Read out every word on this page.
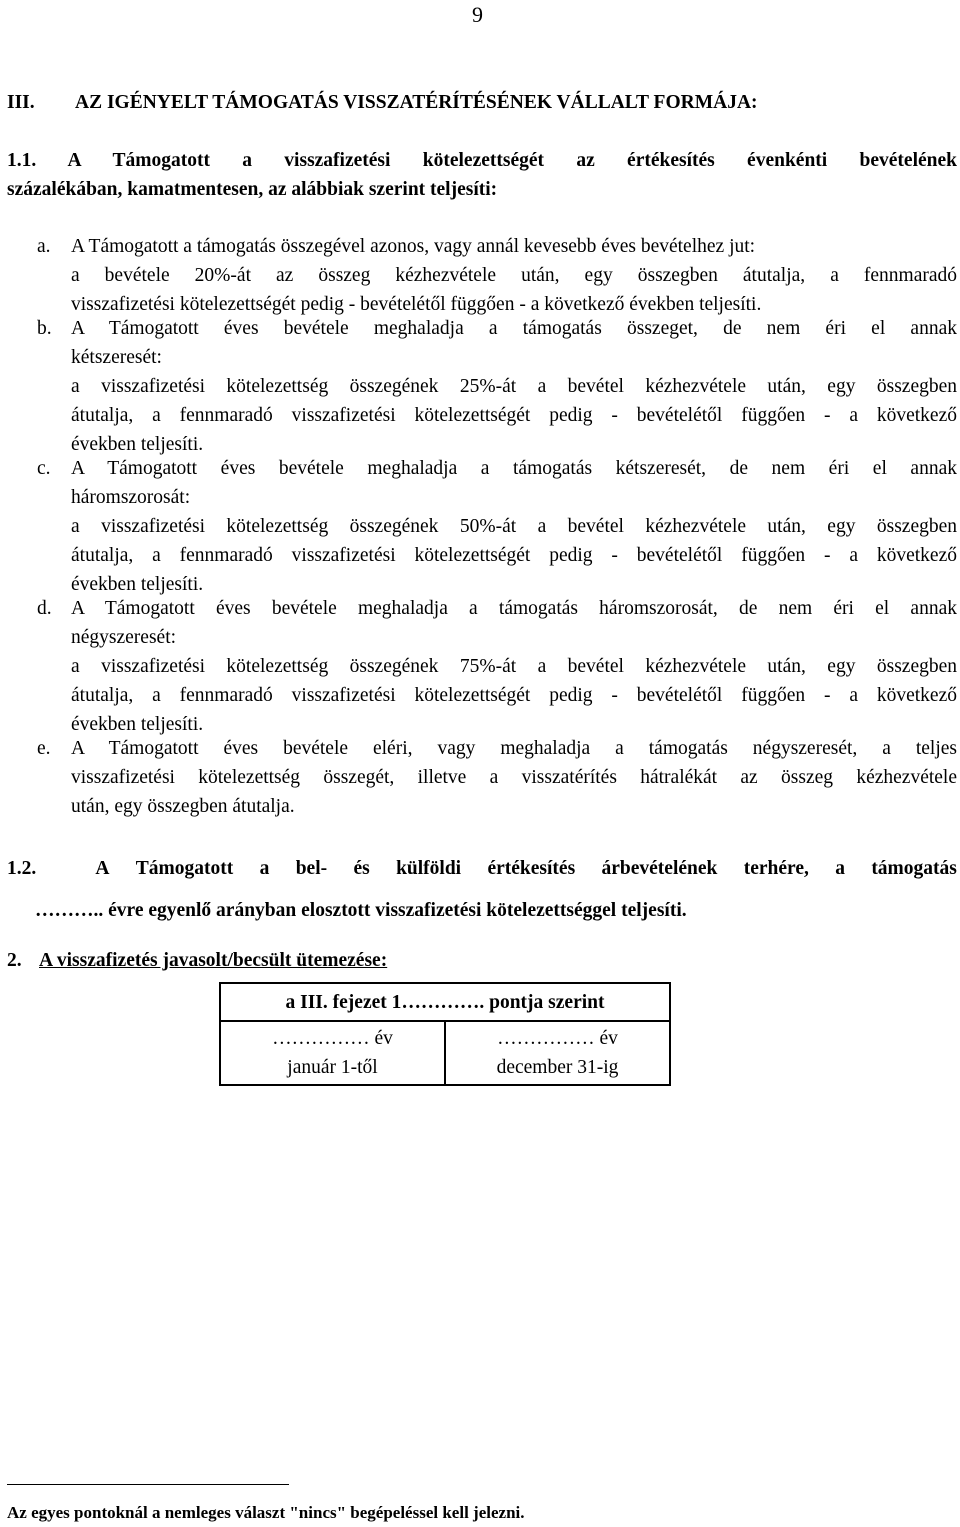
9
III. AZ IGÉNYELT TÁMOGATÁS VISSZATÉRÍTÉSÉNEK VÁLLALT FORMÁJA:
1.1. A Támogatott a visszafizetési kötelezettségét az értékesítés évenkénti bevételének
százalékában, kamatmentesen, az alábbiak szerint teljesíti:
a. A Támogatott a támogatás összegével azonos, vagy annál kevesebb éves bevételhez jut:

a bevétele 20%-át az összeg kézhezvétele után, egy összegben átutalja, a fennmaradó

visszafizetési kötelezettségét pedig - bevételétől függően - a következő években teljesíti.

b. A Támogatott éves bevétele meghaladja a támogatás összeget, de nem éri el annak

kétszeresét:

a visszafizetési kötelezettség összegének 25%-át a bevétel kézhezvétele után, egy összegben

átutalja, a fennmaradó visszafizetési kötelezettségét pedig - bevételétől függően - a következő

években teljesíti.

c. A Támogatott éves bevétele meghaladja a támogatás kétszeresét, de nem éri el annak

háromszorosát:

a visszafizetési kötelezettség összegének 50%-át a bevétel kézhezvétele után, egy összegben

átutalja, a fennmaradó visszafizetési kötelezettségét pedig - bevételétől függően - a következő

években teljesíti.

d. A Támogatott éves bevétele meghaladja a támogatás háromszorosát, de nem éri el annak

négyszeresét:

a visszafizetési kötelezettség összegének 75%-át a bevétel kézhezvétele után, egy összegben

átutalja, a fennmaradó visszafizetési kötelezettségét pedig - bevételétől függően - a következő

években teljesíti.

e. A Támogatott éves bevétele eléri, vagy meghaladja a támogatás négyszeresét, a teljes

visszafizetési kötelezettség összegét, illetve a visszatérítés hátralékát az összeg kézhezvétele

után, egy összegben átutalja.

1.2.	A Támogatott a bel- és külföldi értékesítés árbevételének terhére, a támogatás
……….. évre egyenlő arányban elosztott visszafizetési kötelezettséggel teljesíti.
2. A visszafizetés javasolt/becsült ütemezése:
a III. fejezet 1…………. pontja szerint

…………… év
január 1-től

…………… év
december 31-ig
Az egyes pontoknál a nemleges választ "nincs" begépeléssel kell jelezni.
